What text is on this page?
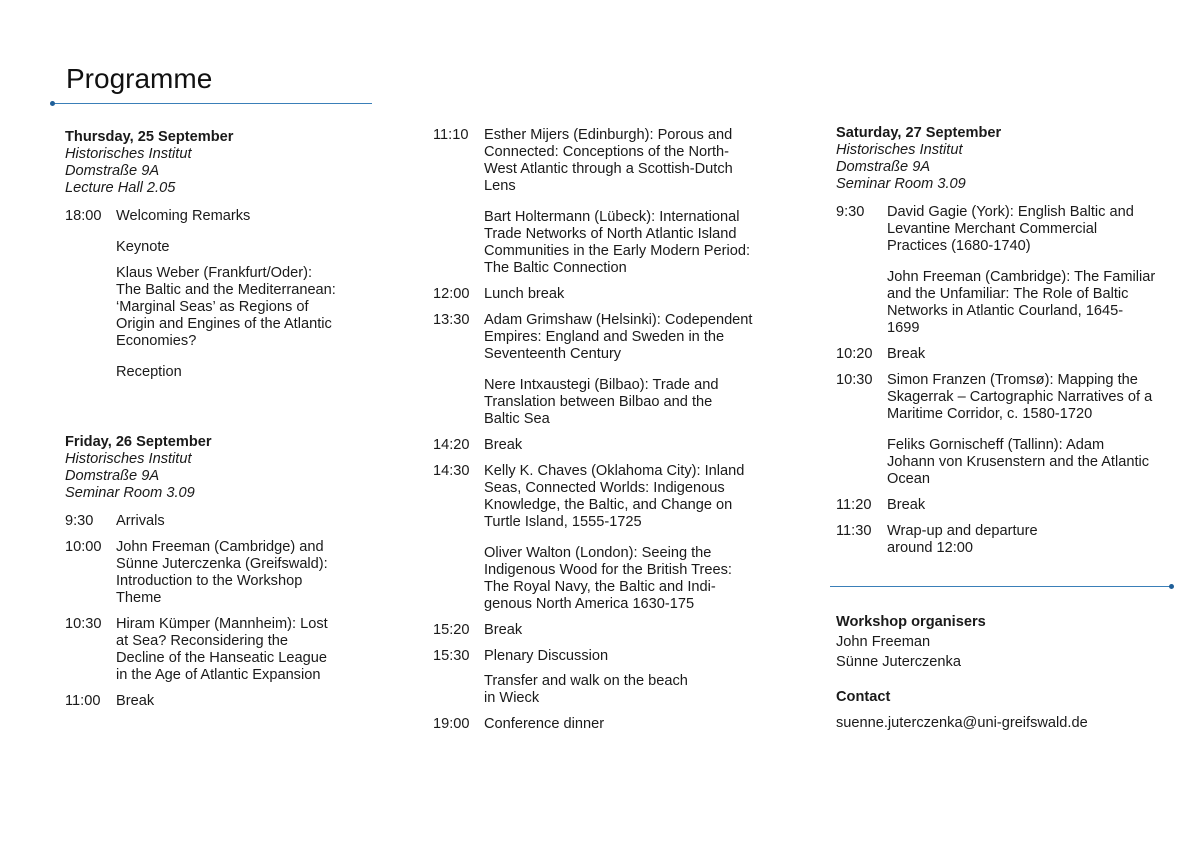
Programme
Thursday, 25 September
Historisches Institut
Domstraße 9A
Lecture Hall 2.05
18:00 Welcoming Remarks
Keynote
Klaus Weber (Frankfurt/Oder):
The Baltic and the Mediterranean:
‘Marginal Seas’ as Regions of
Origin and Engines of the Atlantic
Economies?
Reception
Friday, 26 September
Historisches Institut
Domstraße 9A
Seminar Room 3.09
9:30	Arrivals
10:00 John Freeman (Cambridge) and
Sünne Juterczenka (Greifswald):
Introduction to the Workshop
Theme
10:30 Hiram Kümper (Mannheim): Lost
at Sea? Reconsidering the
Decline of the Hanseatic League
in the Age of Atlantic Expansion
11:00	Break
11:10	Esther Mijers (Edinburgh): Porous and
Connected: Conceptions of the North-
West Atlantic through a Scottish-Dutch
Lens
Bart Holtermann (Lübeck): International
Trade Networks of North Atlantic Island
Communities in the Early Modern Period:
The Baltic Connection
12:00 Lunch break
13:30 Adam Grimshaw (Helsinki): Codependent
Empires: England and Sweden in the
Seventeenth Century
Nere Intxaustegi (Bilbao): Trade and
Translation between Bilbao and the
Baltic Sea
14:20 Break
14:30 Kelly K. Chaves (Oklahoma City): Inland
Seas, Connected Worlds: Indigenous
Knowledge, the Baltic, and Change on
Turtle Island, 1555-1725
Oliver Walton (London): Seeing the
Indigenous Wood for the British Trees:
The Royal Navy, the Baltic and Indi-
genous North America 1630-175
15:20 Break
15:30 Plenary Discussion
Transfer and walk on the beach
in Wieck
19:00 Conference dinner
Saturday, 27 September
Historisches Institut
Domstraße 9A
Seminar Room 3.09
9:30	David Gagie (York): English Baltic and
Levantine Merchant Commercial
Practices (1680-1740)
John Freeman (Cambridge): The Familiar
and the Unfamiliar: The Role of Baltic
Networks in Atlantic Courland, 1645-
1699
10:20 Break
10:30 Simon Franzen (Tromsø): Mapping the
Skagerrak – Cartographic Narratives of a
Maritime Corridor, c. 1580-1720
Feliks Gornischeff (Tallinn): Adam
Johann von Krusenstern and the Atlantic
Ocean
11:20	Break
11:30	Wrap-up and departure
around 12:00
Workshop organisers
John Freeman
Sünne Juterczenka
Contact
suenne.juterczenka@uni-greifswald.de
